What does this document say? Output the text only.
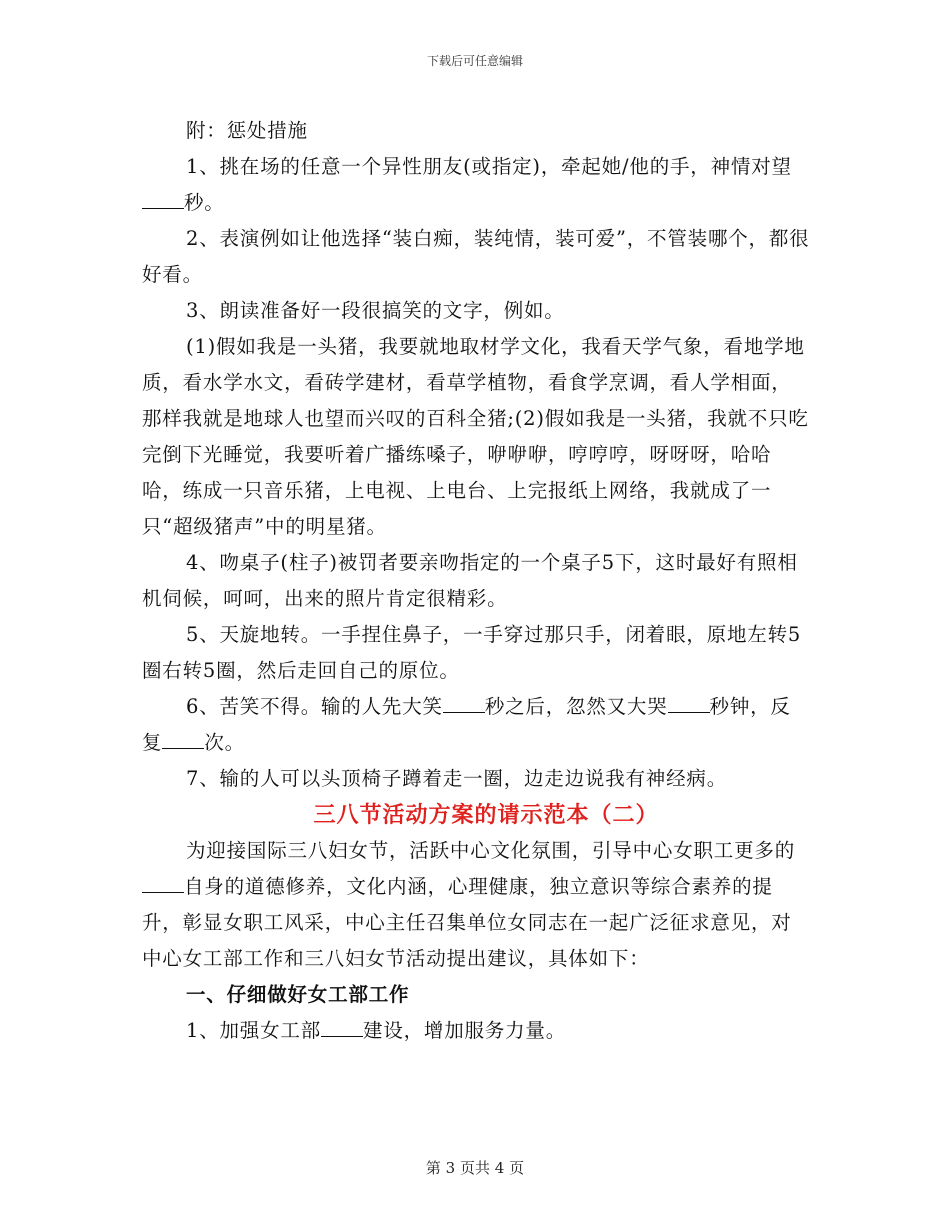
下载后可任意编辑

附：惩处措施

1、挑在场的任意一个异性朋友(或指定)，牵起她/他的手，神情对望秒。

2、表演例如让他选择“装白痴，装纯情，装可爱”，不管装哪个，都很好看。

3、朗读准备好一段很搞笑的文字，例如。

(1)假如我是一头猪，我要就地取材学文化，我看天学气象，看地学地质，看水学水文，看砖学建材，看草学植物，看食学烹调，看人学相面，那样我就是地球人也望而兴叹的百科全猪;(2)假如我是一头猪，我就不只吃完倒下光睡觉，我要听着广播练嗓子，咿咿咿，哼哼哼，呀呀呀，哈哈哈，练成一只音乐猪，上电视、上电台、上完报纸上网络，我就成了一只“超级猪声”中的明星猪。

4、吻桌子(柱子)被罚者要亲吻指定的一个桌子5下，这时最好有照相机伺候，呵呵，出来的照片肯定很精彩。

5、天旋地转。一手捏住鼻子，一手穿过那只手，闭着眼，原地左转5圈右转5圈，然后走回自己的原位。

6、苦笑不得。输的人先大笑 秒之后，忽然又大哭 秒钟，反复 次。

7、输的人可以头顶椅子蹲着走一圈，边走边说我有神经病。

三八节活动方案的请示范本（二）

为迎接国际三八妇女节，活跃中心文化氛围，引导中心女职工更多的自身的道德修养，文化内涵，心理健康，独立意识等综合素养的提升，彰显女职工风采，中心主任召集单位女同志在一起广泛征求意见，对中心女工部工作和三八妇女节活动提出建议，具体如下：

一、仔细做好女工部工作

1、加强女工部 建设，增加服务力量。

第 3 页共 4 页
